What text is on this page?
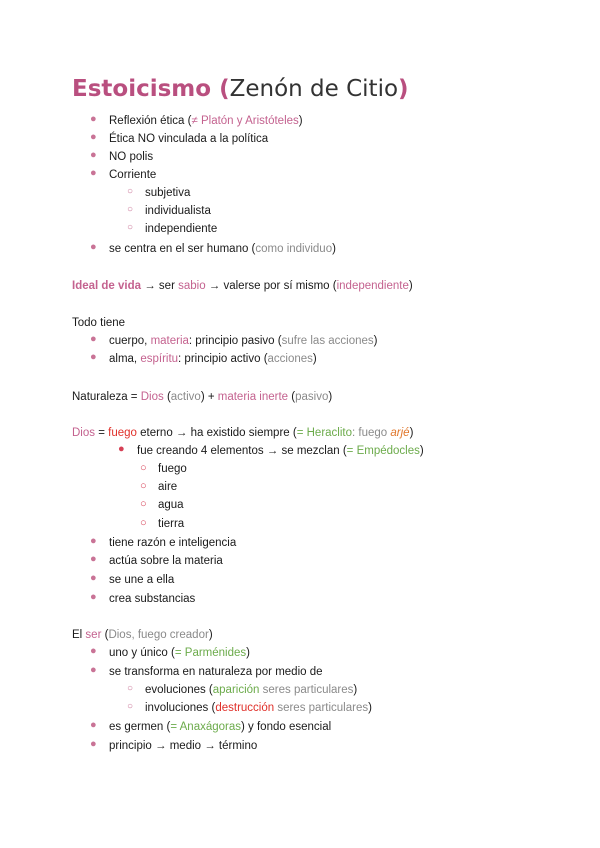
Estoicismo (Zenón de Citio)
● Reflexión ética (≠ Platón y Aristóteles)
● Ética NO vinculada a la política
● NO polis
● Corriente
○ subjetiva
○ individualista
○ independiente
● se centra en el ser humano (como individuo)
Ideal de vida → ser sabio → valerse por sí mismo (independiente)
Todo tiene
● cuerpo, materia: principio pasivo (sufre las acciones)
● alma, espíritu: principio activo (acciones)
Naturaleza = Dios (activo) + materia inerte (pasivo)
Dios = fuego eterno → ha existido siempre (= Heraclito: fuego arjé)
● fue creando 4 elementos → se mezclan (= Empédocles)
○ fuego
○ aire
○ agua
○ tierra
● tiene razón e inteligencia
● actúa sobre la materia
● se une a ella
● crea substancias
El ser (Dios, fuego creador)
● uno y único (= Parménides)
● se transforma en naturaleza por medio de
○ evoluciones (aparición seres particulares)
○ involuciones (destrucción seres particulares)
● es germen (= Anaxágoras) y fondo esencial
● principio → medio → término
